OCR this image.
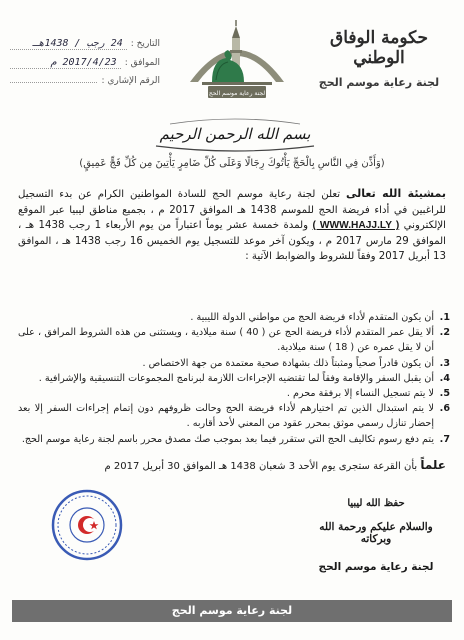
حكومة الوفاق الوطني
لجنة رعاية موسم الحج
لجنة رعاية موسم الحج
التاريخ :
24 رجب / 1438هـ
الموافق :
2017/4/23 م
الرقم الإشاري :
بسم الله الرحمن الرحيم
(وَأَذِّن فِي النَّاسِ بِالْحَجِّ يَأْتُوكَ رِجَالًا وَعَلَى كُلِّ ضَامِرٍ يَأْتِينَ مِن كُلِّ فَجٍّ عَمِيقٍ)
بمشيئة الله تعالى تعلن لجنة رعاية موسم الحج للسادة المواطنين الكرام عن بدء التسجيل للراغبين في أداء فريضة الحج للموسم 1438 هـ الموافق 2017 م ، بجميع مناطق ليبيا عبر الموقع الإلكتروني ( WWW.HAJJ.LY ) ولمدة خمسة عشر يوماً اعتباراً من يوم الأربعاء 1 رجب 1438 هـ ، الموافق 29 مارس 2017 م ، ويكون آخر موعد للتسجيل يوم الخميس 16 رجب 1438 هـ ، الموافق 13 أبريل 2017 وفقاً للشروط والضوابط الآتية :
1.
أن يكون المتقدم لأداء فريضة الحج من مواطني الدولة الليبية .
2.
ألا يقل عمر المتقدم لأداء فريضة الحج عن ( 40 ) سنة ميلادية ، ويستثنى من هذه الشروط المرافق ، على أن لا يقل عمره عن ( 18 ) سنة ميلادية.
3.
أن يكون قادراً صحياً ومثبتاً ذلك بشهادة صحية معتمدة من جهة الاختصاص .
4.
أن يقبل السفر والإقامة وفقاً لما تقتضيه الإجراءات اللازمة لبرنامج المجموعات التنسيقية والإشرافية .
5.
لا يتم تسجيل النساء إلا برفقة محرم .
6.
لا يتم استبدال الذين تم اختيارهم لأداء فريضة الحج وحالت ظروفهم دون إتمام إجراءات السفر إلا بعد إحضار تنازل رسمي موثق بمحرر عقود من المعني لأحد أقاربه .
7.
يتم دفع رسوم تكاليف الحج التي ستقرر فيما بعد بموجب صك مصدق محرر باسم لجنة رعاية موسم الحج.
علماً بأن القرعة ستجرى يوم الأحد 3 شعبان 1438 هـ الموافق 30 أبريل 2017 م
حفظ الله ليبيا
والسلام عليكم ورحمة الله وبركاته
لجنة رعاية موسم الحج
لجنة رعاية موسم الحج
